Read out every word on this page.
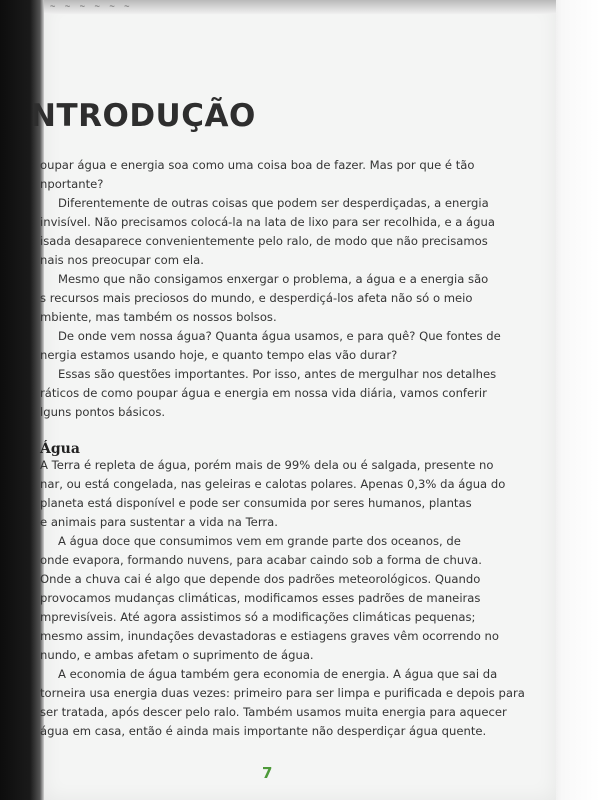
~ ~ ~ ~ ~ ~
NTRODUÇÃO

oupar água e energia soa como uma coisa boa de fazer. Mas por que é tão

nportante?

Diferentemente de outras coisas que podem ser desperdiçadas, a energia

invisível. Não precisamos colocá-la na lata de lixo para ser recolhida, e a água

isada desaparece convenientemente pelo ralo, de modo que não precisamos

nais nos preocupar com ela.

Mesmo que não consigamos enxergar o problema, a água e a energia são

s recursos mais preciosos do mundo, e desperdiçá-los afeta não só o meio

mbiente, mas também os nossos bolsos.

De onde vem nossa água? Quanta água usamos, e para quê? Que fontes de

nergia estamos usando hoje, e quanto tempo elas vão durar?

Essas são questões importantes. Por isso, antes de mergulhar nos detalhes

ráticos de como poupar água e energia em nossa vida diária, vamos conferir

lguns pontos básicos.

Água

A Terra é repleta de água, porém mais de 99% dela ou é salgada, presente no

nar, ou está congelada, nas geleiras e calotas polares. Apenas 0,3% da água do

planeta está disponível e pode ser consumida por seres humanos, plantas

e animais para sustentar a vida na Terra.

A água doce que consumimos vem em grande parte dos oceanos, de

onde evapora, formando nuvens, para acabar caindo sob a forma de chuva.

Onde a chuva cai é algo que depende dos padrões meteorológicos. Quando

provocamos mudanças climáticas, modificamos esses padrões de maneiras

mprevisíveis. Até agora assistimos só a modificações climáticas pequenas;

mesmo assim, inundações devastadoras e estiagens graves vêm ocorrendo no

nundo, e ambas afetam o suprimento de água.

A economia de água também gera economia de energia. A água que sai da

torneira usa energia duas vezes: primeiro para ser limpa e purificada e depois para

ser tratada, após descer pelo ralo. Também usamos muita energia para aquecer

água em casa, então é ainda mais importante não desperdiçar água quente.

7
